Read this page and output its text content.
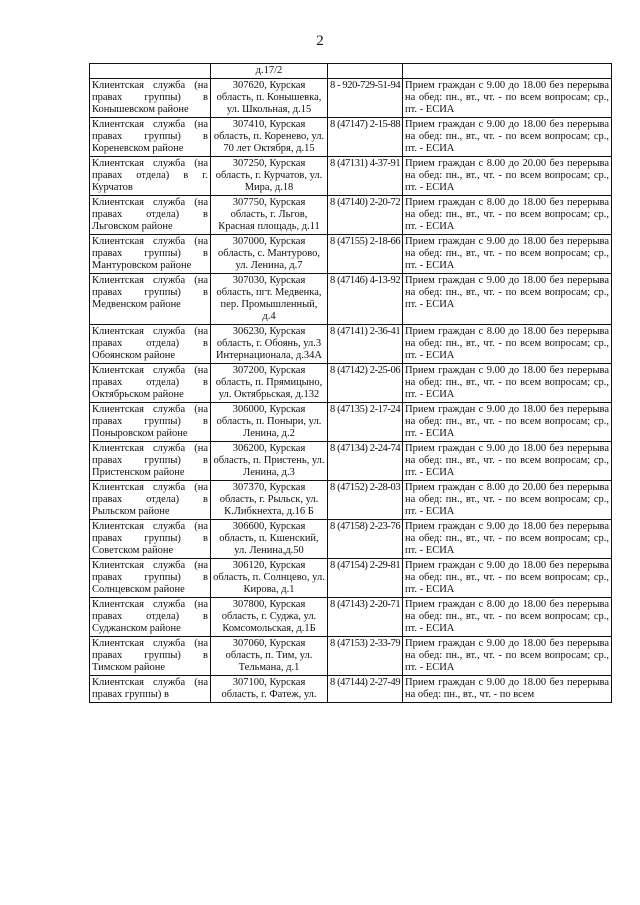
2
	д.17/2		
Клиентская служба (на правах группы) в Конышевском районе	307620, Курская область, п. Конышевка, ул. Школьная, д.15	8 - 920-729-51-94	Прием граждан с 9.00 до 18.00 без перерыва на обед: пн., вт., чт. - по всем вопросам; ср., пт. - ЕСИА
Клиентская служба (на правах группы) в Кореневском районе	307410, Курская область, п. Коренево, ул. 70 лет Октября, д.15	8 (47147) 2-15-88	Прием граждан с 9.00 до 18.00 без перерыва на обед: пн., вт., чт. - по всем вопросам; ср., пт. - ЕСИА
Клиентская служба (на правах отдела) в г. Курчатов	307250, Курская область, г. Курчатов, ул. Мира, д.18	8 (47131) 4-37-91	Прием граждан с 8.00 до 20.00 без перерыва на обед: пн., вт., чт. - по всем вопросам; ср., пт. - ЕСИА
Клиентская служба (на правах отдела) в Льговском районе	307750, Курская область, г. Льгов, Красная площадь, д.11	8 (47140) 2-20-72	Прием граждан с 8.00 до 18.00 без перерыва на обед: пн., вт., чт. - по всем вопросам; ср., пт. - ЕСИА
Клиентская служба (на правах группы) в Мантуровском районе	307000, Курская область, с. Мантурово, ул. Ленина, д.7	8 (47155) 2-18-66	Прием граждан с 9.00 до 18.00 без перерыва на обед: пн., вт., чт. - по всем вопросам; ср., пт. - ЕСИА
Клиентская служба (на правах группы) в Медвенском районе	307030, Курская область, пгт. Медвенка, пер. Промышленный, д.4	8 (47146) 4-13-92	Прием граждан с 9.00 до 18.00 без перерыва на обед: пн., вт., чт. - по всем вопросам; ср., пт. - ЕСИА
Клиентская служба (на правах отдела) в Обоянском районе	306230, Курская область, г. Обоянь, ул.3 Интернационала, д.34А	8 (47141) 2-36-41	Прием граждан с 8.00 до 18.00 без перерыва на обед: пн., вт., чт. - по всем вопросам; ср., пт. - ЕСИА
Клиентская служба (на правах отдела) в Октябрьском районе	307200, Курская область, п. Прямицыно, ул. Октябрьская, д.132	8 (47142) 2-25-06	Прием граждан с 9.00 до 18.00 без перерыва на обед: пн., вт., чт. - по всем вопросам; ср., пт. - ЕСИА
Клиентская служба (на правах группы) в Поныровском районе	306000, Курская область, п. Поныри, ул. Ленина, д.2	8 (47135) 2-17-24	Прием граждан с 9.00 до 18.00 без перерыва на обед: пн., вт., чт. - по всем вопросам; ср., пт. - ЕСИА
Клиентская служба (на правах группы) в Пристенском районе	306200, Курская область, п. Пристень, ул. Ленина, д.3	8 (47134) 2-24-74	Прием граждан с 9.00 до 18.00 без перерыва на обед: пн., вт., чт. - по всем вопросам; ср., пт. - ЕСИА
Клиентская служба (на правах отдела) в Рыльском районе	307370, Курская область, г. Рыльск, ул. К.Либкнехта, д.16 Б	8 (47152) 2-28-03	Прием граждан с 8.00 до 20.00 без перерыва на обед: пн., вт., чт. - по всем вопросам; ср., пт. - ЕСИА
Клиентская служба (на правах группы) в Советском районе	306600, Курская область, п. Кшенский, ул. Ленина,д.50	8 (47158) 2-23-76	Прием граждан с 9.00 до 18.00 без перерыва на обед: пн., вт., чт. - по всем вопросам; ср., пт. - ЕСИА
Клиентская служба (на правах группы) в Солнцевском районе	306120, Курская область, п. Солнцево, ул. Кирова, д.1	8 (47154) 2-29-81	Прием граждан с 9.00 до 18.00 без перерыва на обед: пн., вт., чт. - по всем вопросам; ср., пт. - ЕСИА
Клиентская служба (на правах отдела) в Суджанском районе	307800, Курская область, г. Суджа, ул. Комсомольская, д.1Б	8 (47143) 2-20-71	Прием граждан с 8.00 до 18.00 без перерыва на обед: пн., вт., чт. - по всем вопросам; ср., пт. - ЕСИА
Клиентская служба (на правах группы) в Тимском районе	307060, Курская область, п. Тим, ул. Тельмана, д.1	8 (47153) 2-33-79	Прием граждан с 9.00 до 18.00 без перерыва на обед: пн., вт., чт. - по всем вопросам; ср., пт. - ЕСИА
Клиентская служба (на правах группы) в	307100, Курская область, г. Фатеж, ул.	8 (47144) 2-27-49	Прием граждан с 9.00 до 18.00 без перерыва на обед: пн., вт., чт. - по всем
